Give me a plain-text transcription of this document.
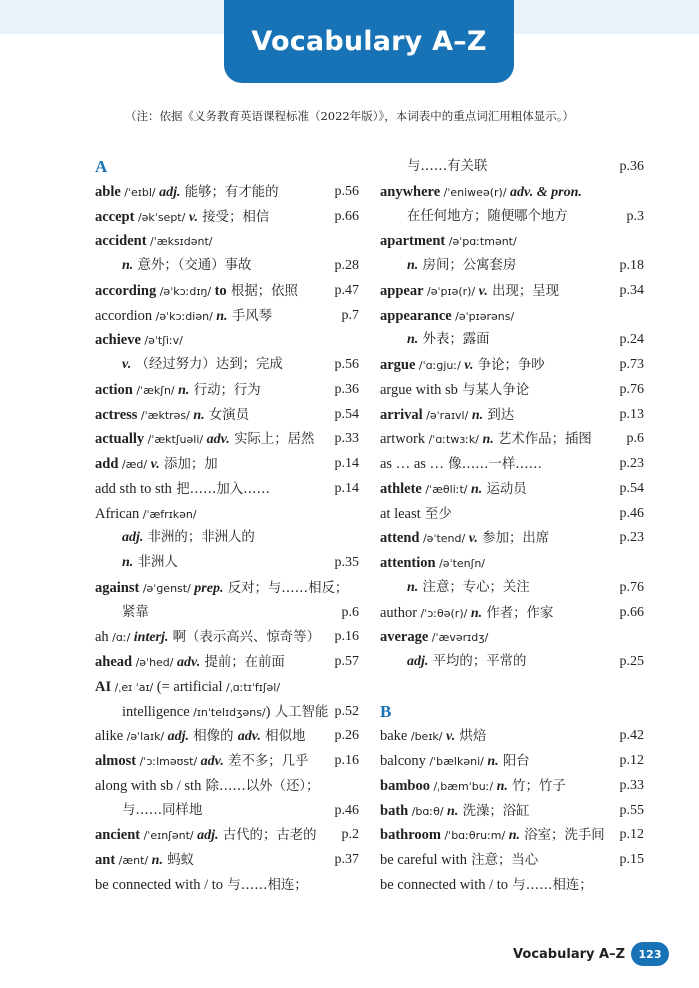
Vocabulary A–Z
（注：依据《义务教育英语课程标准（2022年版）》，本词表中的重点词汇用粗体显示。）
A
able /ˈeɪbl/ adj. 能够；有才能的	p.56
accept /əkˈsept/ v. 接受；相信	p.66
accident /ˈæksɪdənt/
n. 意外；（交通）事故	p.28
according /əˈkɔːdɪŋ/ to 根据；依照	p.47
accordion /əˈkɔːdiən/ n. 手风琴	p.7
achieve /əˈtʃiːv/
v. （经过努力）达到；完成	p.56
action /ˈækʃn/ n. 行动；行为	p.36
actress /ˈæktrəs/ n. 女演员	p.54
actually /ˈæktʃuəli/ adv. 实际上；居然 p.33
add /æd/ v. 添加；加	p.14
add sth to sth 把……加入……	p.14
African /ˈæfrɪkən/
adj. 非洲的；非洲人的
n. 非洲人	p.35
against /əˈɡenst/ prep. 反对；与……相反；
紧靠	p.6
ah /ɑː/ interj. 啊（表示高兴、惊奇等） p.16
ahead /əˈhed/ adv. 提前；在前面	p.57
AI /ˌeɪ ˈaɪ/ (= artificial /ˌɑːtɪˈfɪʃəl/
intelligence /ɪnˈtelɪdʒəns/) 人工智能 p.52
alike /əˈlaɪk/ adj. 相像的 adv. 相似地 p.26
almost /ˈɔːlməʊst/ adv. 差不多；几乎 p.16
along with sb / sth 除……以外（还）；
与……同样地	p.46
ancient /ˈeɪnʃənt/ adj. 古代的；古老的 p.2
ant /ænt/ n. 蚂蚁	p.37
be connected with / to 与……相连；
与……有关联	p.36
anywhere /ˈeniweə(r)/ adv. & pron.
在任何地方；随便哪个地方	p.3
apartment /əˈpɑːtmənt/
n. 房间；公寓套房	p.18
appear /əˈpɪə(r)/ v. 出现；呈现	p.34
appearance /əˈpɪərəns/
n. 外表；露面	p.24
argue /ˈɑːɡjuː/ v. 争论；争吵	p.73
argue with sb 与某人争论	p.76
arrival /əˈraɪvl/ n. 到达	p.13
artwork /ˈɑːtwɜːk/ n. 艺术作品；插图 p.6
as … as … 像……一样……	p.23
athlete /ˈæθliːt/ n. 运动员	p.54
at least 至少	p.46
attend /əˈtend/ v. 参加；出席	p.23
attention /əˈtenʃn/
n. 注意；专心；关注	p.76
author /ˈɔːθə(r)/ n. 作者；作家	p.66
average /ˈævərɪdʒ/
adj. 平均的；平常的	p.25
B
bake /beɪk/ v. 烘焙	p.42
balcony /ˈbælkəni/ n. 阳台	p.12
bamboo /ˌbæmˈbuː/ n. 竹；竹子	p.33
bath /bɑːθ/ n. 洗澡；浴缸	p.55
bathroom /ˈbɑːθruːm/ n. 浴室；洗手间 p.12
be careful with 注意；当心	p.15
be connected with / to 与……相连；
Vocabulary A–Z	123
